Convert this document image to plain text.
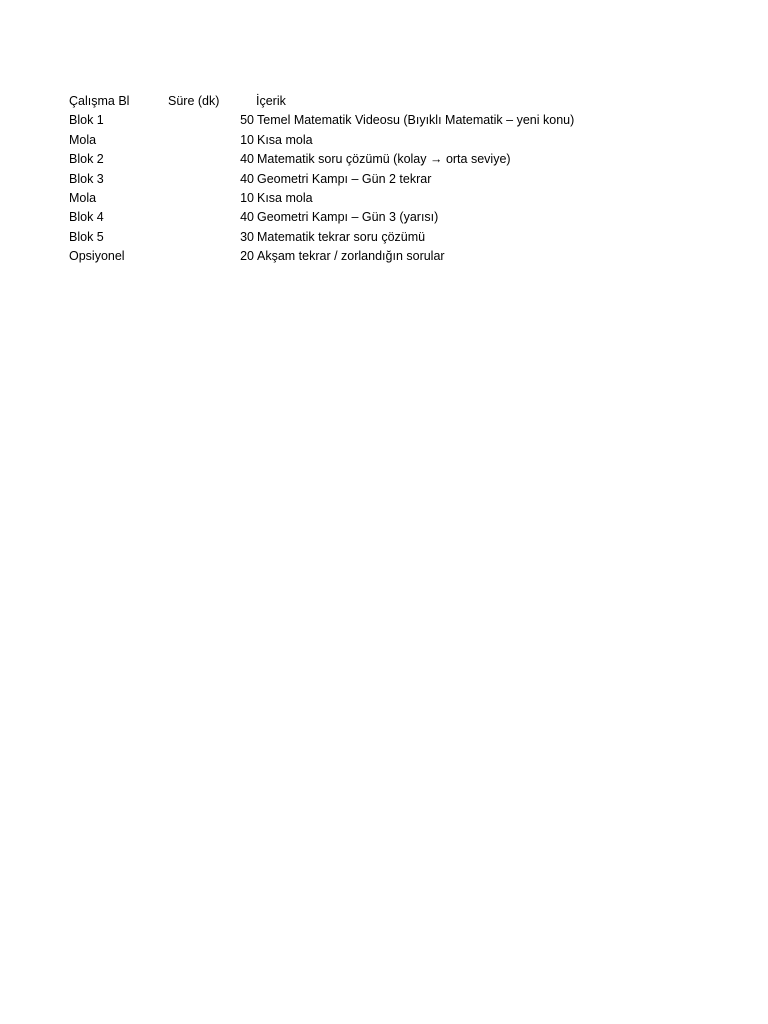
Çalışma Bl	Süre (dk)	İçerik
Blok 1	50 Temel Matematik Videosu (Bıyıklı Matematik – yeni konu)
Mola	10 Kısa mola
Blok 2	40 Matematik soru çözümü (kolay → orta seviye)
Blok 3	40 Geometri Kampı – Gün 2 tekrar
Mola	10 Kısa mola
Blok 4	40 Geometri Kampı – Gün 3 (yarısı)
Blok 5	30 Matematik tekrar soru çözümü
Opsiyonel	20 Akşam tekrar / zorlandığın sorular
